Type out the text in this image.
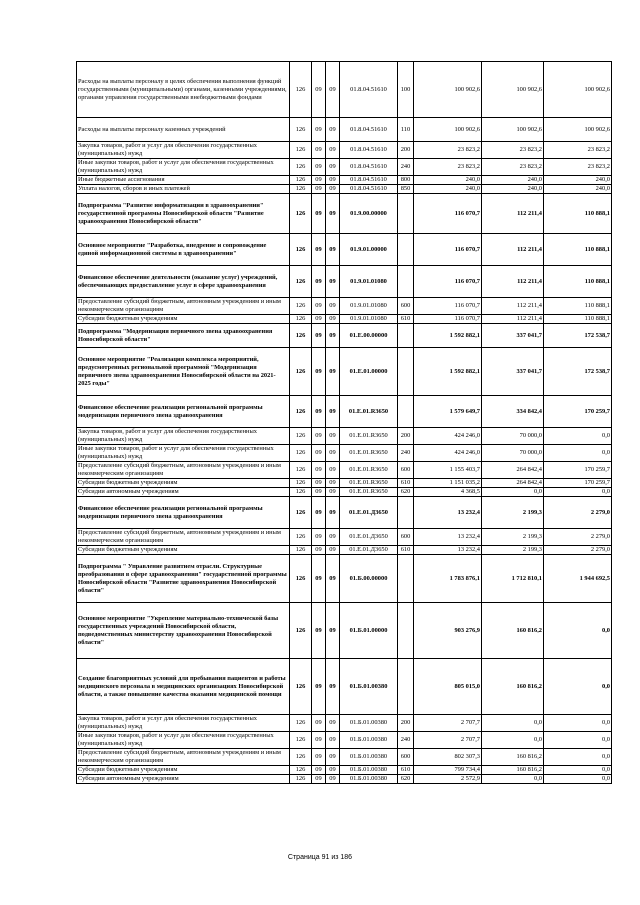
Расходы на выплаты персоналу в целях обеспечения выполнения функций государственными (муниципальными) органами, казенными учреждениями, органами управления государственными внебюджетными фондами	126	09	09	01.8.04.51610	100	100 902,6	100 902,6	100 902,6
Расходы на выплаты персоналу казенных учреждений	126	09	09	01.8.04.51610	110	100 902,6	100 902,6	100 902,6
Закупка товаров, работ и услуг для обеспечения государственных (муниципальных) нужд	126	09	09	01.8.04.51610	200	23 823,2	23 823,2	23 823,2
Иные закупки товаров, работ и услуг для обеспечения государственных (муниципальных) нужд	126	09	09	01.8.04.51610	240	23 823,2	23 823,2	23 823,2
Иные бюджетные ассигнования	126	09	09	01.8.04.51610	800	240,0	240,0	240,0
Уплата налогов, сборов и иных платежей	126	09	09	01.8.04.51610	850	240,0	240,0	240,0
Подпрограмма "Развитие информатизации в здравоохранении" государственной программы Новосибирской области "Развитие здравоохранения Новосибирской области"	126	09	09	01.9.00.00000		116 070,7	112 211,4	110 888,1
Основное мероприятие "Разработка, внедрение и сопровождение единой информационной системы в здравоохранении"	126	09	09	01.9.01.00000		116 070,7	112 211,4	110 888,1
Финансовое обеспечение деятельности (оказание услуг) учреждений, обеспечивающих предоставление услуг в сфере здравоохранения	126	09	09	01.9.01.01080		116 070,7	112 211,4	110 888,1
Предоставление субсидий бюджетным, автономным учреждениям и иным некоммерческим организациям	126	09	09	01.9.01.01080	600	116 070,7	112 211,4	110 888,1
Субсидии бюджетным учреждениям	126	09	09	01.9.01.01080	610	116 070,7	112 211,4	110 888,1
Подпрограмма "Модернизация первичного звена здравоохранения Новосибирской области"	126	09	09	01.Е.00.00000		1 592 882,1	337 041,7	172 538,7
Основное мероприятие "Реализация комплекса мероприятий, предусмотренных региональной программой "Модернизация первичного звена здравоохранения Новосибирской области на 2021-2025 годы"	126	09	09	01.Е.01.00000		1 592 882,1	337 041,7	172 538,7
Финансовое обеспечение реализации региональной программы модернизации первичного звена здравоохранения	126	09	09	01.Е.01.R3650		1 579 649,7	334 842,4	170 259,7
Закупка товаров, работ и услуг для обеспечения государственных (муниципальных) нужд	126	09	09	01.Е.01.R3650	200	424 246,0	70 000,0	0,0
Иные закупки товаров, работ и услуг для обеспечения государственных (муниципальных) нужд	126	09	09	01.Е.01.R3650	240	424 246,0	70 000,0	0,0
Предоставление субсидий бюджетным, автономным учреждениям и иным некоммерческим организациям	126	09	09	01.Е.01.R3650	600	1 155 403,7	264 842,4	170 259,7
Субсидии бюджетным учреждениям	126	09	09	01.Е.01.R3650	610	1 151 035,2	264 842,4	170 259,7
Субсидии автономным учреждениям	126	09	09	01.Е.01.R3650	620	4 368,5	0,0	0,0
Финансовое обеспечение реализации региональной программы модернизации первичного звена здравоохранения	126	09	09	01.Е.01.Д3650		13 232,4	2 199,3	2 279,0
Предоставление субсидий бюджетным, автономным учреждениям и иным некоммерческим организациям	126	09	09	01.Е.01.Д3650	600	13 232,4	2 199,3	2 279,0
Субсидии бюджетным учреждениям	126	09	09	01.Е.01.Д3650	610	13 232,4	2 199,3	2 279,0
Подпрограмма " Управление развитием отрасли. Структурные преобразования в сфере здравоохранения" государственной программы Новосибирской области "Развитие здравоохранения Новосибирской области"	126	09	09	01.Б.00.00000		1 783 876,1	1 712 810,1	1 944 692,5
Основное мероприятие "Укрепление материально-технической базы государственных учреждений Новосибирской области, подведомственных министерству здравоохранения Новосибирской области"	126	09	09	01.Б.01.00000		903 276,9	160 816,2	0,0
Создание благоприятных условий для пребывания пациентов и работы медицинского персонала в медицинских организациях Новосибирской области, а также повышение качества оказания медицинской помощи	126	09	09	01.Б.01.00380		805 015,0	160 816,2	0,0
Закупка товаров, работ и услуг для обеспечения государственных (муниципальных) нужд	126	09	09	01.Б.01.00380	200	2 707,7	0,0	0,0
Иные закупки товаров, работ и услуг для обеспечения государственных (муниципальных) нужд	126	09	09	01.Б.01.00380	240	2 707,7	0,0	0,0
Предоставление субсидий бюджетным, автономным учреждениям и иным некоммерческим организациям	126	09	09	01.Б.01.00380	600	802 307,3	160 816,2	0,0
Субсидии бюджетным учреждениям	126	09	09	01.Б.01.00380	610	799 734,4	160 816,2	0,0
Субсидии автономным учреждениям	126	09	09	01.Б.01.00380	620	2 572,9	0,0	0,0
Страница 91 из 186
